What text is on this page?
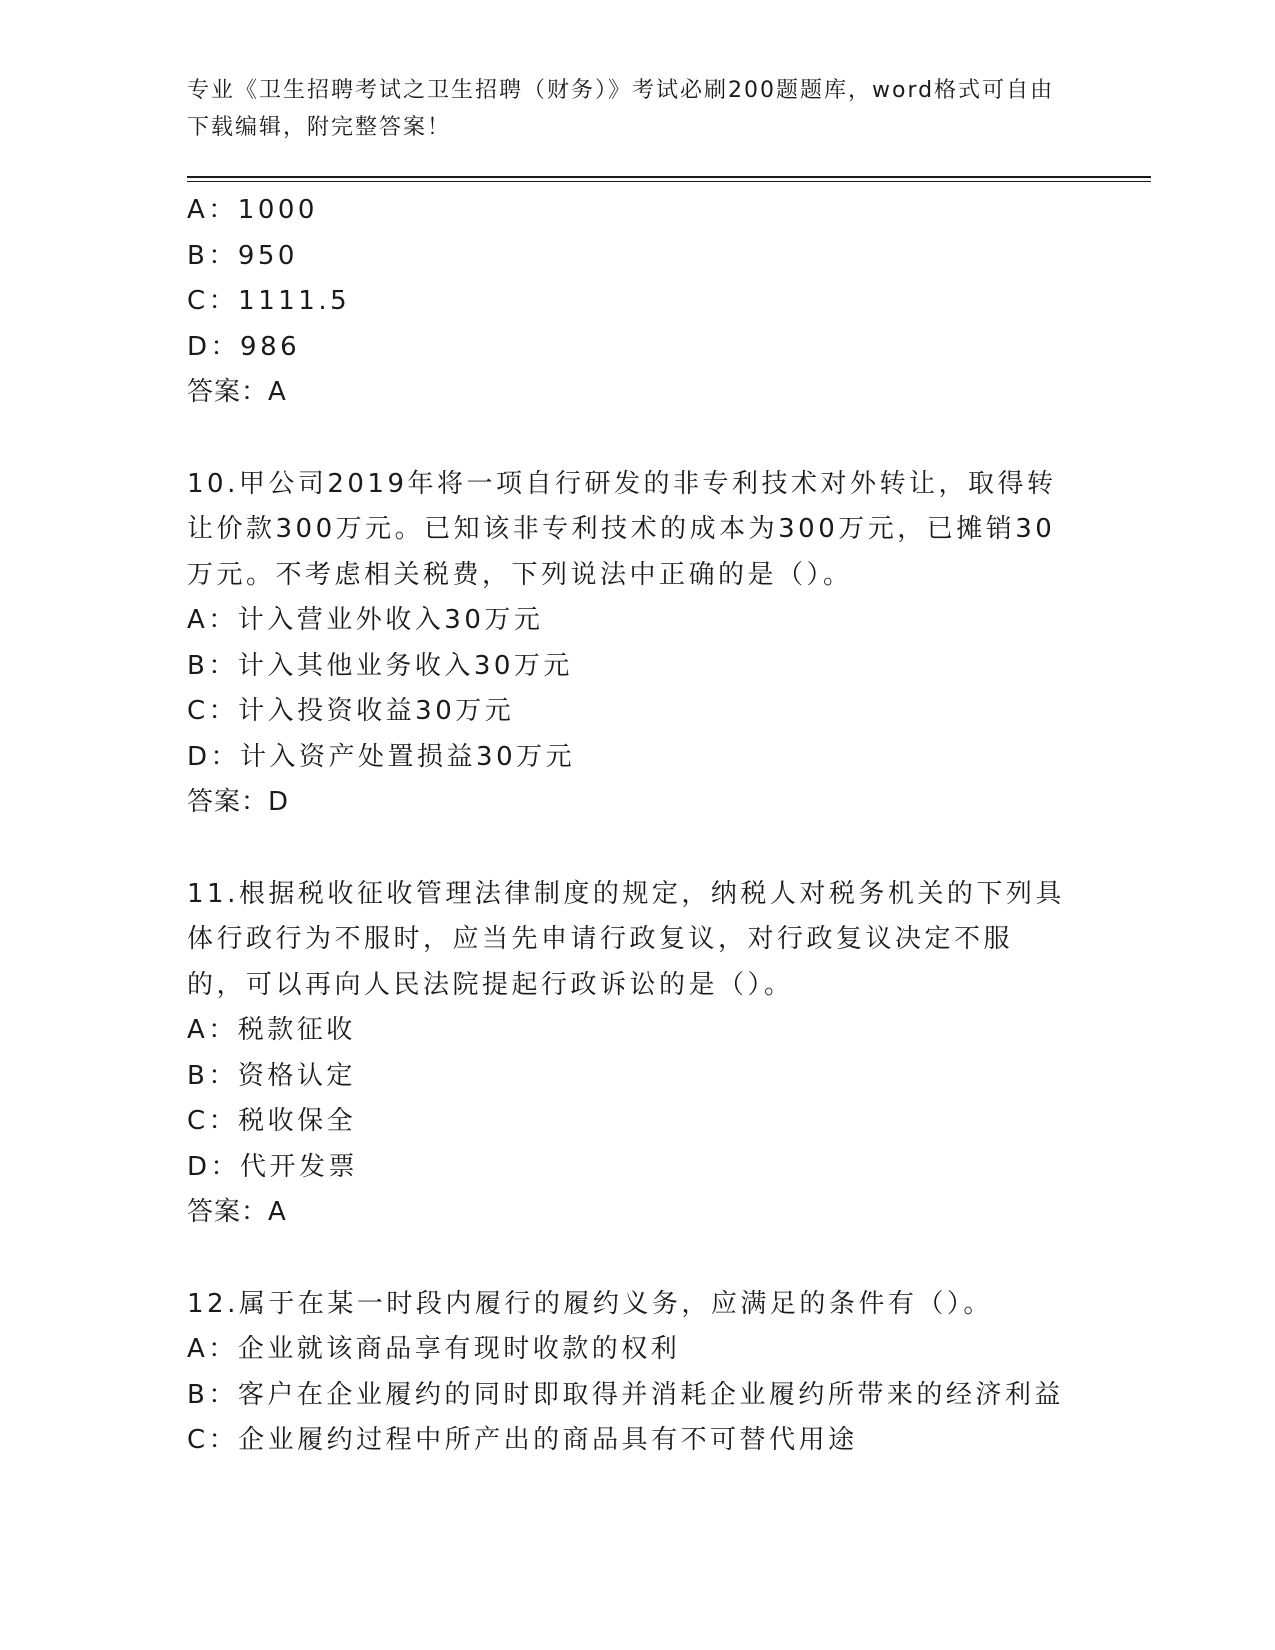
专业《卫生招聘考试之卫生招聘（财务）》考试必刷200题题库，word格式可自由下载编辑，附完整答案！
A：1000
B：950
C：1111.5
D：986
答案：A
10.甲公司2019年将一项自行研发的非专利技术对外转让，取得转让价款300万元。已知该非专利技术的成本为300万元，已摊销30万元。不考虑相关税费，下列说法中正确的是（）。
A：计入营业外收入30万元
B：计入其他业务收入30万元
C：计入投资收益30万元
D：计入资产处置损益30万元
答案：D
11.根据税收征收管理法律制度的规定，纳税人对税务机关的下列具体行政行为不服时，应当先申请行政复议，对行政复议决定不服的，可以再向人民法院提起行政诉讼的是（）。
A：税款征收
B：资格认定
C：税收保全
D：代开发票
答案：A
12.属于在某一时段内履行的履约义务，应满足的条件有（）。
A：企业就该商品享有现时收款的权利
B：客户在企业履约的同时即取得并消耗企业履约所带来的经济利益
C：企业履约过程中所产出的商品具有不可替代用途
